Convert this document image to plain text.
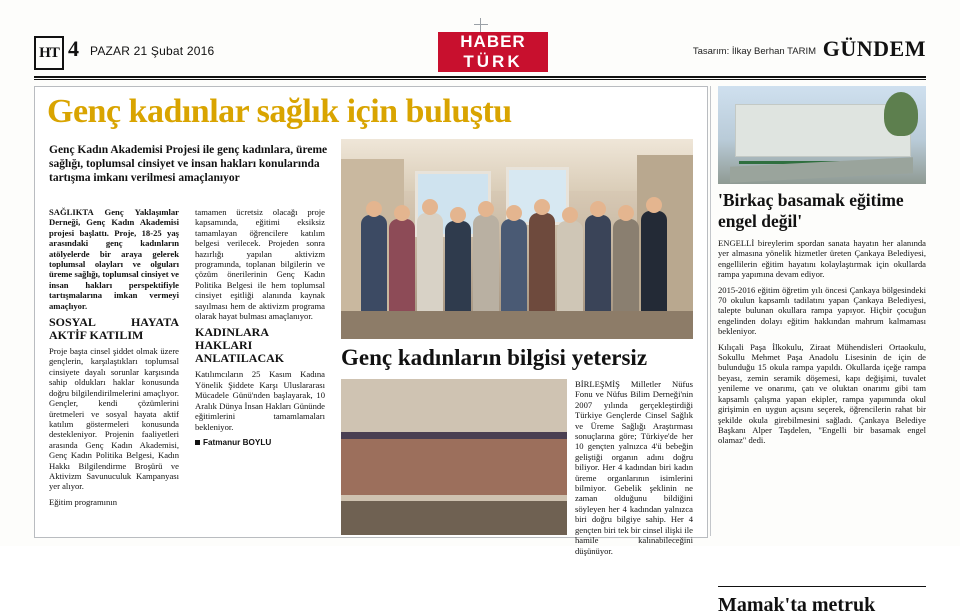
H T 4 PAZAR 21 Şubat 2016	HABER
TÜRK
Tasarım: İlkay Berhan TARIM GÜNDEM
Genç kadınlar sağlık için buluştu
Genç Kadın Akademisi Projesi ile genç kadınlara, üreme sağlığı, toplumsal cinsiyet ve insan hakları konularında tartışma imkanı verilmesi amaçlanıyor
Genç kadınların bilgisi yetersiz

SAĞLIKTA Genç Yaklaşımlar Derneği, Genç Kadın Akademisi projesi başlattı. Proje, 18-25 yaş arasındaki genç kadınların atölyelerde bir araya gelerek toplumsal olayları ve olguları üreme sağlığı, toplumsal cinsiyet ve insan hakları perspektifiyle tartışmalarına imkan vermeyi amaçlıyor.

SOSYAL HAYATA AKTİF KATILIM

Proje başta cinsel şiddet olmak üzere gençlerin, karşılaştıkları toplumsal cinsiyete dayalı sorunlar karşısında sahip oldukları haklar konusunda doğru bilgilendirilmelerini amaçlıyor. Gençler, kendi çözümlerini üretmeleri ve sosyal hayata aktif katılım göstermeleri konusunda destekleniyor. Projenin faaliyetleri arasında Genç Kadın Akademisi, Genç Kadın Politika Belgesi, Kadın Hakkı Bilgilendirme Broşürü ve Aktivizm Savunuculuk Kampanyası yer alıyor.

Eğitim programının

tamamen ücretsiz olacağı proje kapsamında, eğitimi eksiksiz tamamlayan öğrencilere katılım belgesi verilecek. Projeden sonra hazırlığı yapılan aktivizm programında, toplanan bilgilerin ve çözüm önerilerinin Genç Kadın Politika Belgesi ile hem toplumsal cinsiyet eşitliği alanında kaynak sayılması hem de aktivizm programa olarak hayat bulması amaçlanıyor.

KADINLARA HAKLARI ANLATILACAK

Katılımcıların 25 Kasım Kadına Yönelik Şiddete Karşı Uluslararası Mücadele Günü'nden başlayarak, 10 Aralık Dünya İnsan Hakları Gününde eğitimlerini tamamlamaları bekleniyor.

Fatmanur BOYLU

BİRLEŞMİŞ Milletler Nüfus Fonu ve Nüfus Bilim Derneği'nin 2007 yılında gerçekleştirdiği Türkiye Gençlerde Cinsel Sağlık ve Üreme Sağlığı Araştırması sonuçlarına göre; Türkiye'de her 10 gençten yalnızca 4'ü bebeğin geliştiği organın adını doğru biliyor. Her 4 kadından biri kadın üreme organlarının isimlerini bilmiyor. Gebelik şeklinin ne zaman olduğunu bildiğini söyleyen her 4 kadından yalnızca biri doğru bilgiye sahip. Her 4 gençten biri tek bir cinsel ilişki ile hamile kalınabileceğini düşünüyor.

'Birkaç basamak eğitime engel değil'

ENGELLİ bireylerim spordan sanata hayatın her alanında yer almasına yönelik hizmetler üreten Çankaya Belediyesi, engellilerin eğitim hayatını kolaylaştırmak için okullarda rampa yapımına devam ediyor.

2015-2016 eğitim öğretim yılı öncesi Çankaya bölgesindeki 70 okulun kapsamlı tadilatını yapan Çankaya Belediyesi, talepte bulunan okullara rampa yapıyor. Hiçbir çocuğun engelinden dolayı eğitim hakkından mahrum kalmaması bekleniyor.

Kılıçali Paşa İlkokulu, Ziraat Mühendisleri Ortaokulu, Sokullu Mehmet Paşa Anadolu Lisesinin de için de bulunduğu 15 okula rampa yapıldı. Okullarda içeğe rampa beyası, zemin seramik döşemesi, kapı değişimi, tuvalet yenileme ve onarımı, çatı ve oluktan onarımı gibi tam kapsamlı çalışma yapan ekipler, rampa yapımında okul girişimin en uygun açısını seçerek, öğrencilerin rahat bir şekilde okula girebilmesini sağladı. Çankaya Belediye Başkanı Alper Taşdelen, "Engelli bir basamak engel olamaz" dedi.

Mamak'ta metruk
